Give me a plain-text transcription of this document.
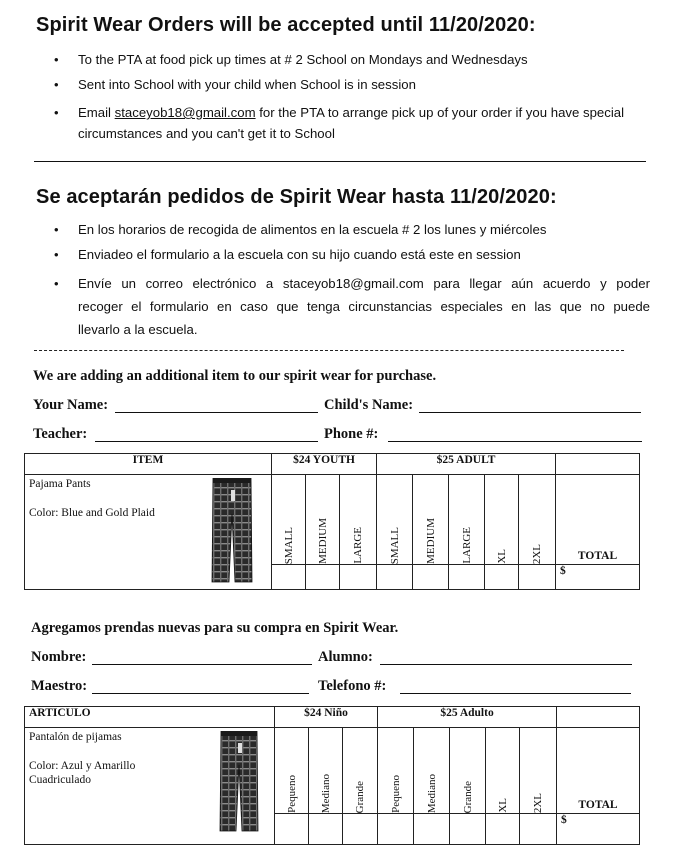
Spirit Wear Orders will be accepted until 11/20/2020:
• To the PTA at food pick up times at # 2 School on Mondays and Wednesdays
• Sent into School with your child when School is in session
• Email staceyob18@gmail.com for the PTA to arrange pick up of your order if you have special
circumstances and you can't get it to School
Se aceptarán pedidos de Spirit Wear hasta 11/20/2020:
• En los horarios de recogida de alimentos en la escuela # 2 los lunes y miércoles
• Enviadeo el formulario a la escuela con su hijo cuando está este en session
• Envíe un correo electrónico a staceyob18@gmail.com para llegar aún acuerdo y poder
recoger el formulario en caso que tenga circunstancias especiales en las que no puede
llevarlo a la escuela.
We are adding an additional item to our spirit wear for purchase.
Your Name:	Child's Name:
Teacher:	Phone #:
ITEM	$24 YOUTH			$25 ADULT					

Pajama Pants
Color: Blue and Gold Plaid	SMALL	MEDIUM	LARGE	SMALL	MEDIUM	LARGE	XL	2XL	TOTAL
									$
Agregamos prendas nuevas para su compra en Spirit Wear.
Nombre:	Alumno:
Maestro:	Telefono #:
ARTICULO	$24 Niño			$25 Adulto					

Pantalón de pijamas
Color: Azul y Amarillo
Cuadriculado	Pequeno	Mediano	Grande	Pequeno	Mediano	Grande	XL	2XL	TOTAL
									$
